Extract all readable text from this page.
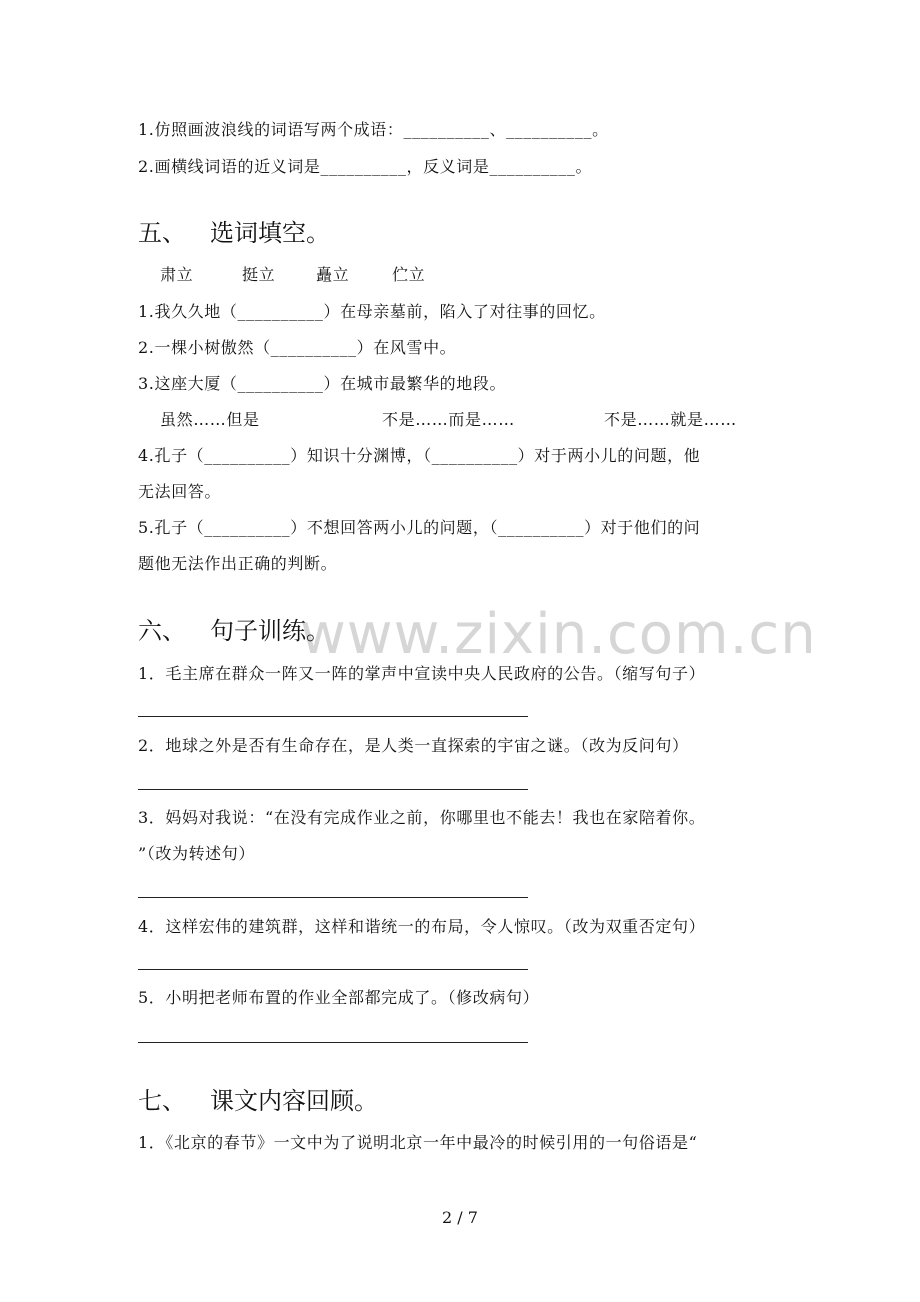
www.zixin.com.cn
1.仿照画波浪线的词语写两个成语：__________、__________。
2.画横线词语的近义词是__________，反义词是__________。
五、 选词填空。
肃立	挺立	矗立	伫立
1.我久久地（__________）在母亲墓前，陷入了对往事的回忆。
2.一棵小树傲然（__________）在风雪中。
3.这座大厦（__________）在城市最繁华的地段。
虽然……但是	不是……而是……	不是……就是……
4.孔子（__________）知识十分渊博，（__________）对于两小儿的问题，他
无法回答。
5.孔子（__________）不想回答两小儿的问题，（__________）对于他们的问
题他无法作出正确的判断。
六、 句子训练。
1．毛主席在群众一阵又一阵的掌声中宣读中央人民政府的公告。（缩写句子）
2．地球之外是否有生命存在，是人类一直探索的宇宙之谜。（改为反问句）
3．妈妈对我说：“在没有完成作业之前，你哪里也不能去！我也在家陪着你。
”（改为转述句）
4．这样宏伟的建筑群，这样和谐统一的布局，令人惊叹。（改为双重否定句）
5．小明把老师布置的作业全部都完成了。（修改病句）
七、 课文内容回顾。
1．《北京的春节》一文中为了说明北京一年中最冷的时候引用的一句俗语是“
2 / 7
